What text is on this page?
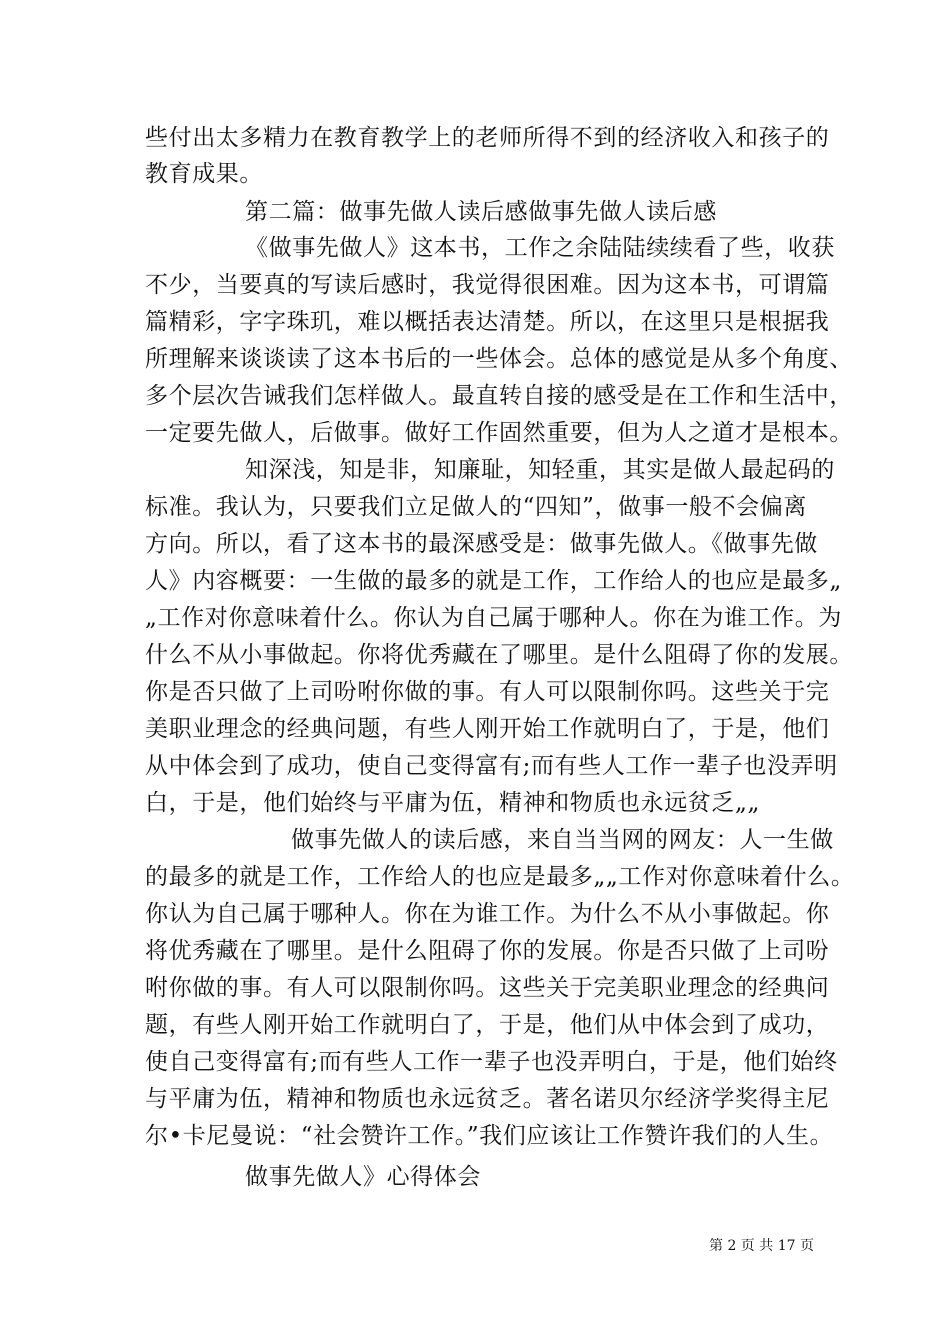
些付出太多精力在教育教学上的老师所得不到的经济收入和孩子的
教育成果。
第二篇：做事先做人读后感做事先做人读后感
《做事先做人》这本书，工作之余陆陆续续看了些，收获
不少，当要真的写读后感时，我觉得很困难。因为这本书，可谓篇
篇精彩，字字珠玑，难以概括表达清楚。所以，在这里只是根据我
所理解来谈谈读了这本书后的一些体会。总体的感觉是从多个角度、
多个层次告诫我们怎样做人。最直转自接的感受是在工作和生活中，
一定要先做人，后做事。做好工作固然重要，但为人之道才是根本。
知深浅，知是非，知廉耻，知轻重，其实是做人最起码的
标准。我认为，只要我们立足做人的“四知”，做事一般不会偏离
方向。所以，看了这本书的最深感受是：做事先做人。《做事先做
人》内容概要：一生做的最多的就是工作，工作给人的也应是最多„
„工作对你意味着什么。你认为自己属于哪种人。你在为谁工作。为
什么不从小事做起。你将优秀藏在了哪里。是什么阻碍了你的发展。
你是否只做了上司吩咐你做的事。有人可以限制你吗。这些关于完
美职业理念的经典问题，有些人刚开始工作就明白了，于是，他们
从中体会到了成功，使自己变得富有;而有些人工作一辈子也没弄明
白，于是，他们始终与平庸为伍，精神和物质也永远贫乏„„
做事先做人的读后感，来自当当网的网友：人一生做
的最多的就是工作，工作给人的也应是最多„„工作对你意味着什么。
你认为自己属于哪种人。你在为谁工作。为什么不从小事做起。你
将优秀藏在了哪里。是什么阻碍了你的发展。你是否只做了上司吩
咐你做的事。有人可以限制你吗。这些关于完美职业理念的经典问
题，有些人刚开始工作就明白了，于是，他们从中体会到了成功，
使自己变得富有;而有些人工作一辈子也没弄明白，于是，他们始终
与平庸为伍，精神和物质也永远贫乏。著名诺贝尔经济学奖得主尼
尔•卡尼曼说：“社会赞许工作。”我们应该让工作赞许我们的人生。
做事先做人》心得体会
第 2 页 共 17 页
